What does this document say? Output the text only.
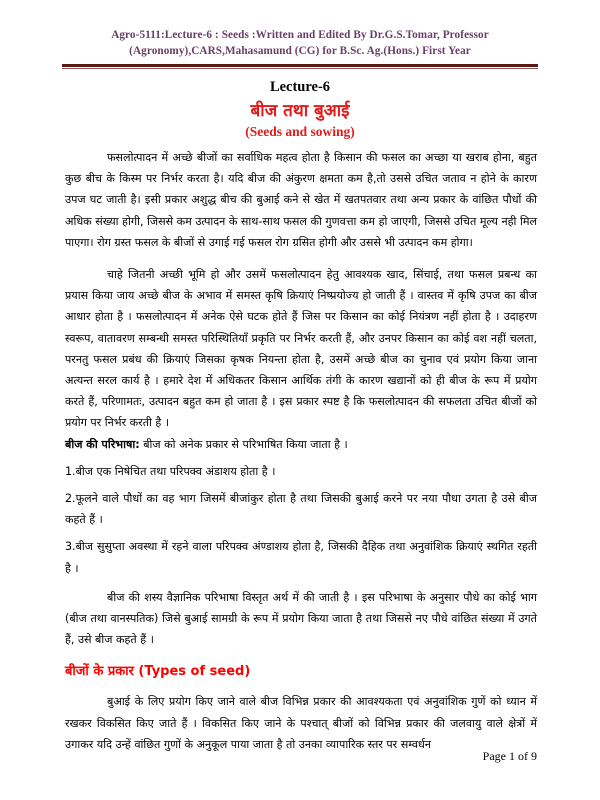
Agro-5111:Lecture-6 : Seeds :Written and Edited By Dr.G.S.Tomar, Professor
(Agronomy),CARS,Mahasamund (CG) for B.Sc. Ag.(Hons.) First Year
Lecture-6
बीज तथा बुआई
(Seeds and sowing)

फसलोत्पादन में अच्छे बीजों का सर्वाधिक महत्व होता है किसान की फसल का अच्छा या खराब होना, बहुत कुछ बीच के किस्म पर निर्भर करता है। यदि बीज की अंकुरण क्षमता कम है,तो उससे उचित जताव न होने के कारण उपज घट जाती है। इसी प्रकार अशुद्ध बीच की बुआई कने से खेत में खतपतवार तथा अन्य प्रकार के वांछित पौधों की अधिक संख्या होगी, जिससे कम उत्पादन के साथ-साथ फसल की गुणवत्ता कम हो जाएगी, जिससे उचित मूल्य नही मिल पाएगा। रोग ग्रस्त फसल के बीजों से उगाई गई फसल रोग ग्रसित होगी और उससे भी उत्पादन कम होगा।

चाहे जितनी अच्छी भूमि हो और उसमें फसलोत्पादन हेतु आवश्यक खाद, सिंचाई, तथा फसल प्रबन्ध का प्रयास किया जाय अच्छे बीज के अभाव में समस्त कृषि क्रियाएं निष्प्रयोज्य हो जाती हैं । वास्तव में कृषि उपज का बीज आधार होता है । फसलोत्पादन में अनेक ऐसे घटक होते हैं जिस पर किसान का कोई नियंत्रण नहीं होता है । उदाहरण स्वरूप, वातावरण सम्बन्धी समस्त परिस्थितियाँ प्रकृति पर निर्भर करती हैं, और उनपर किसान का कोई वश नहीं चलता, परनतु फसल प्रबंध की क्रियाएं जिसका कृषक नियन्ता होता है, उसमें अच्छे बीज का चुनाव एवं प्रयोग किया जाना अत्यन्त सरल कार्य है । हमारे देश में अधिकतर किसान आर्थिक तंगी के कारण खद्यानों को ही बीज के रूप में प्रयोग करते हैं, परिणामतः, उत्पादन बहुत कम हो जाता है । इस प्रकार स्पष्ट है कि फसलोत्पादन की सफलता उचित बीजों को प्रयोग पर निर्भर करती है ।

बीज की परिभाषा: बीज को अनेक प्रकार से परिभाषित किया जाता है ।

1.बीज एक निषेचित तथा परिपक्व अंडाशय होता है ।

2.फूलने वाले पौधों का वह भाग जिसमें बीजांकुर होता है तथा जिसकी बुआई करने पर नया पौधा उगता है उसे बीज कहते हैं ।

3.बीज सुसुप्ता अवस्था में रहने वाला परिपक्व अंण्डाशय होता है, जिसकी दैहिक तथा अनुवांशिक क्रियाएं स्थगित रहती है ।

बीज की शस्य वैज्ञानिक परिभाषा विस्तृत अर्थ में की जाती है । इस परिभाषा के अनुसार पौधे का कोई भाग (बीज तथा वानस्पतिक) जिसे बुआई सामग्री के रूप में प्रयोग किया जाता है तथा जिससे नए पौधे वांछित संख्या में उगते हैं, उसे बीज कहते हैं ।

बीजों के प्रकार (Types of seed)

बुआई के लिए प्रयोग किए जाने वाले बीज विभिन्न प्रकार की आवश्यकता एवं अनुवांशिक गुणें को ध्यान में रखकर विकसित किए जाते हैं । विकसित किए जाने के पश्चात् बीजों को विभिन्न प्रकार की जलवायु वाले क्षेत्रों में उगाकर यदि उन्हें वांछित गुणों के अनुकूल पाया जाता है तो उनका व्यापारिक स्तर पर सम्वर्धन

Page 1 of 9
